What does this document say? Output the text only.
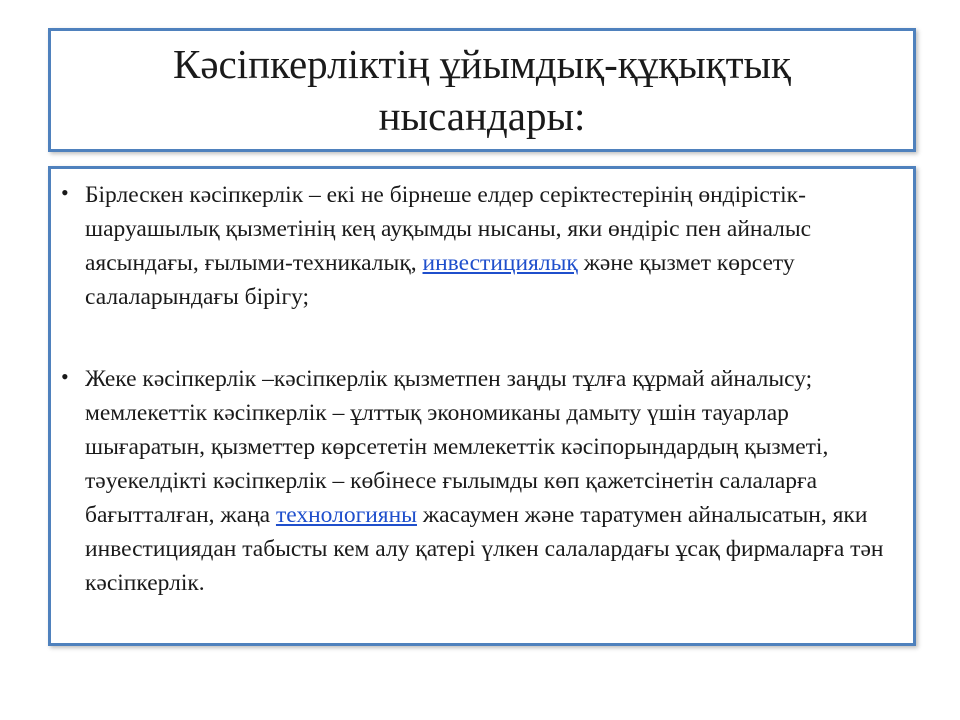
Кәсіпкерліктің ұйымдық-құқықтық нысандары:
• Бірлескен кәсіпкерлік – екі не бірнеше елдер серіктестерінің өндірістік-шаруашылық қызметінің кең ауқымды нысаны, яки өндіріс пен айналыс аясындағы, ғылыми-техникалық, инвестициялық және қызмет көрсету салаларындағы бірігу;
• Жеке кәсіпкерлік –кәсіпкерлік қызметпен заңды тұлға құрмай айналысу; мемлекеттік кәсіпкерлік – ұлттық экономиканы дамыту үшін тауарлар шығаратын, қызметтер көрсететін мемлекеттік кәсіпорындардың қызметі, тәуекелдікті кәсіпкерлік – көбінесе ғылымды көп қажетсінетін салаларға бағытталған, жаңа технологияны жасаумен және таратумен айналысатын, яки инвестициядан табысты кем алу қатері үлкен салалардағы ұсақ фирмаларға тән кәсіпкерлік.
